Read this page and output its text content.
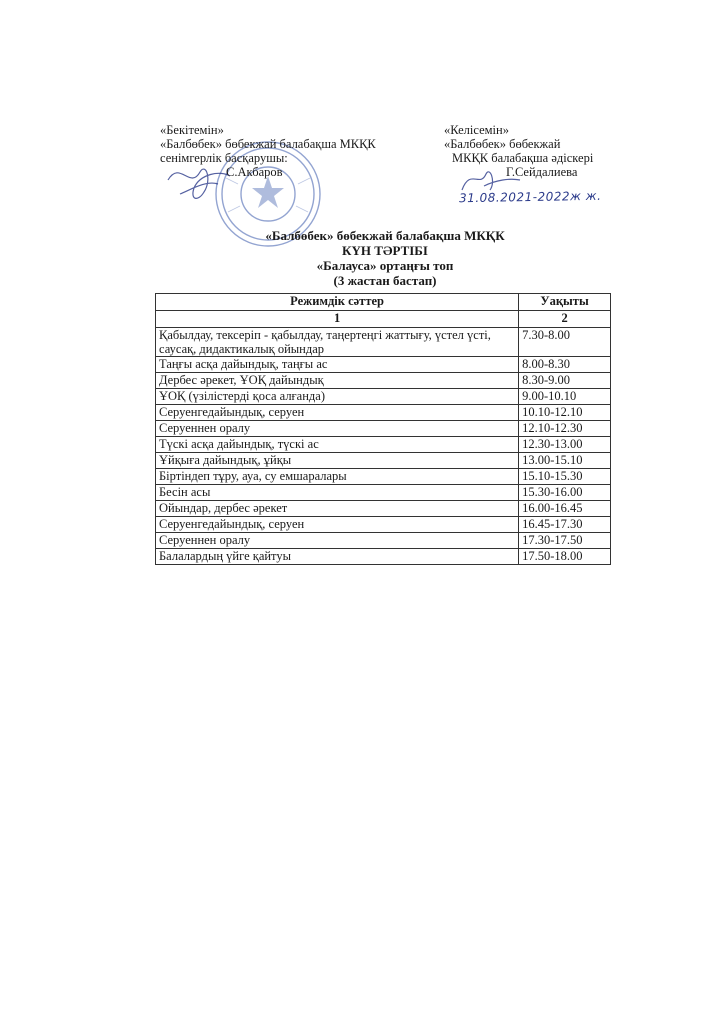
«Бекітемін»
«Балбөбек» бөбекжай балабақша МКҚК
сенімгерлік басқарушы:
С.Акбаров
«Келісемін»
«Балбөбек» бөбекжай
МКҚК балабақша әдіскері
Г.Сейдалиева
31.08.2021-2022ж ж.
«Балбөбек» бөбекжай балабақша МКҚК
КҮН ТӘРТІБІ
«Балауса» ортаңғы топ
(3 жастан бастап)
Режимдік сәттер	Уақыты
1	2
Қабылдау, тексеріп - қабылдау, таңертеңгі жаттығу, үстел үсті, саусақ, дидактикалық ойындар	7.30-8.00
Таңғы асқа дайындық, таңғы ас	8.00-8.30
Дербес әрекет, ҰОҚ дайындық	8.30-9.00
ҰОҚ (үзілістерді қоса алғанда)	9.00-10.10
Серуенгедайындық, серуен	10.10-12.10
Серуеннен оралу	12.10-12.30
Түскі асқа дайындық, түскі ас	12.30-13.00
Ұйқыға дайындық, ұйқы	13.00-15.10
Біртіндеп тұру, ауа, су емшаралары	15.10-15.30
Бесін асы	15.30-16.00
Ойындар, дербес әрекет	16.00-16.45
Серуенгедайындық, серуен	16.45-17.30
Серуеннен оралу	17.30-17.50
Балалардың үйге қайтуы	17.50-18.00
